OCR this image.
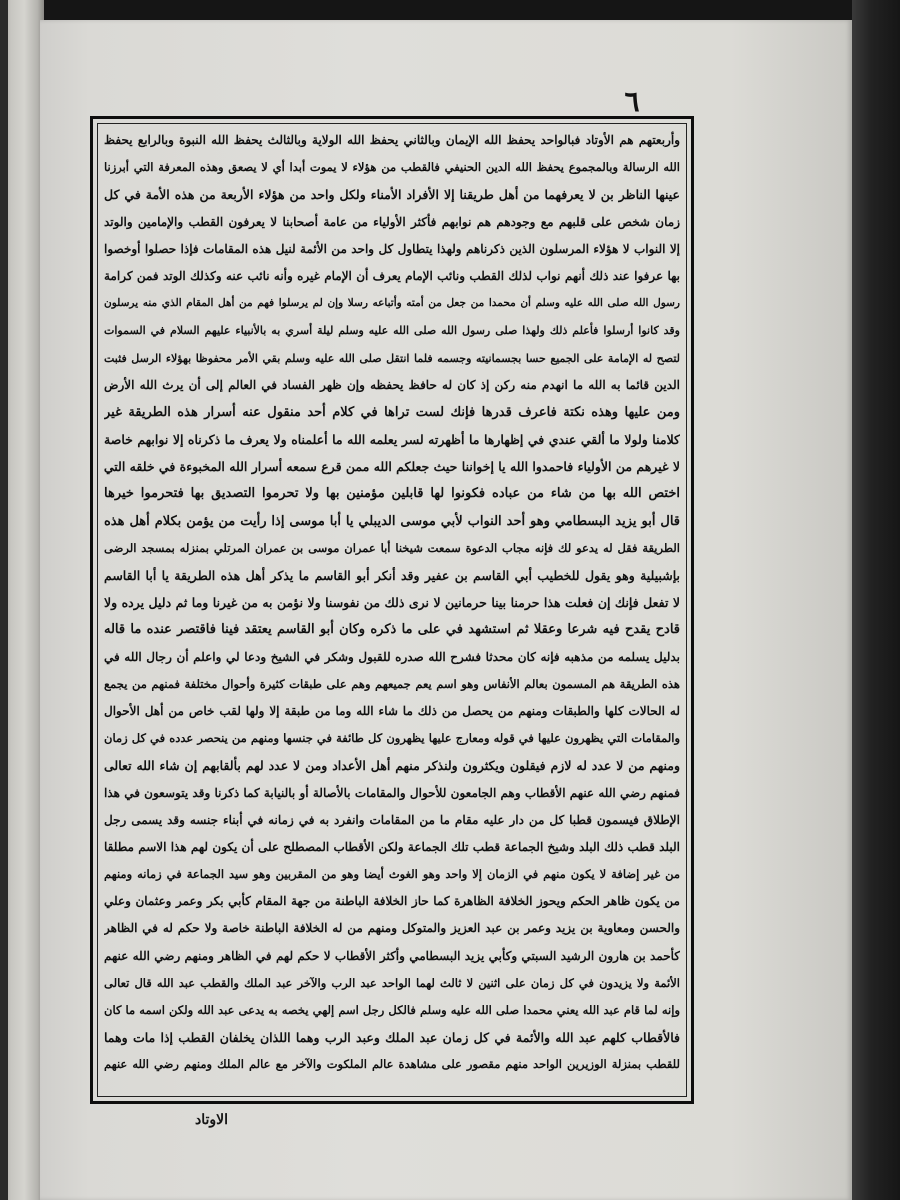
٦
وأربعتهم هم الأوتاد فبالواحد يحفظ الله الإيمان وبالثاني يحفظ الله الولاية وبالثالث يحفظ الله النبوة وبالرابع يحفظ
الله الرسالة وبالمجموع يحفظ الله الدين الحنيفي فالقطب من هؤلاء لا يموت أبدا أي لا يصعق وهذه المعرفة التي أبرزنا
عينها الناظر بن لا يعرفهما من أهل طريقنا إلا الأفراد الأمناء ولكل واحد من هؤلاء الأربعة من هذه الأمة في كل
زمان شخص على قلبهم مع وجودهم هم نوابهم فأكثر الأولياء من عامة أصحابنا لا يعرفون القطب والإمامين والوتد
إلا النواب لا هؤلاء المرسلون الذين ذكرناهم ولهذا يتطاول كل واحد من الأئمة لنيل هذه المقامات فإذا حصلوا أوخصوا
بها عرفوا عند ذلك أنهم نواب لذلك القطب ونائب الإمام يعرف أن الإمام غيره وأنه نائب عنه وكذلك الوتد فمن كرامة
رسول الله صلى الله عليه وسلم أن محمدا من جعل من أمته وأتباعه رسلا وإن لم يرسلوا فهم من أهل المقام الذي منه يرسلون
وقد كانوا أرسلوا فأعلم ذلك ولهذا صلى رسول الله صلى الله عليه وسلم ليلة أسري به بالأنبياء عليهم السلام في السموات
لتصح له الإمامة على الجميع حسا بجسمانيته وجسمه فلما انتقل صلى الله عليه وسلم بقي الأمر محفوظا بهؤلاء الرسل فثبت
الدين قائما به الله ما انهدم منه ركن إذ كان له حافظ يحفظه وإن ظهر الفساد في العالم إلى أن يرث الله الأرض
ومن عليها وهذه نكتة فاعرف قدرها فإنك لست تراها في كلام أحد منقول عنه أسرار هذه الطريقة غير
كلامنا ولولا ما ألقي عندي في إظهارها ما أظهرته لسر يعلمه الله ما أعلمناه ولا يعرف ما ذكرناه إلا نوابهم خاصة
لا غيرهم من الأولياء فاحمدوا الله يا إخواننا حيث جعلكم الله ممن قرع سمعه أسرار الله المخبوءة في خلقه التي
اختص الله بها من شاء من عباده فكونوا لها قابلين مؤمنين بها ولا تحرموا التصديق بها فتحرموا خيرها
قال أبو يزيد البسطامي وهو أحد النواب لأبي موسى الديبلي يا أبا موسى إذا رأيت من يؤمن بكلام أهل هذه
الطريقة فقل له يدعو لك فإنه مجاب الدعوة سمعت شيخنا أبا عمران موسى بن عمران المرتلي بمنزله بمسجد الرضى
بإشبيلية وهو يقول للخطيب أبي القاسم بن عفير وقد أنكر أبو القاسم ما يذكر أهل هذه الطريقة يا أبا القاسم
لا تفعل فإنك إن فعلت هذا حرمنا بينا حرمانين لا نرى ذلك من نفوسنا ولا نؤمن به من غيرنا وما ثم دليل يرده ولا
قادح يقدح فيه شرعا وعقلا ثم استشهد في على ما ذكره وكان أبو القاسم يعتقد فينا فاقتصر عنده ما قاله
بدليل يسلمه من مذهبه فإنه كان محدثا فشرح الله صدره للقبول وشكر في الشيخ ودعا لي واعلم أن رجال الله في
هذه الطريقة هم المسمون بعالم الأنفاس وهو اسم يعم جميعهم وهم على طبقات كثيرة وأحوال مختلفة فمنهم من يجمع
له الحالات كلها والطبقات ومنهم من يحصل من ذلك ما شاء الله وما من طبقة إلا ولها لقب خاص من أهل الأحوال
والمقامات التي يظهرون عليها في قوله ومعارج عليها يظهرون كل طائفة في جنسها ومنهم من ينحصر عدده في كل زمان
ومنهم من لا عدد له لازم فيقلون ويكثرون ولنذكر منهم أهل الأعداد ومن لا عدد لهم بألقابهم إن شاء الله تعالى
فمنهم رضي الله عنهم الأقطاب وهم الجامعون للأحوال والمقامات بالأصالة أو بالنيابة كما ذكرنا وقد يتوسعون في هذا
الإطلاق فيسمون قطبا كل من دار عليه مقام ما من المقامات وانفرد به في زمانه في أبناء جنسه وقد يسمى رجل
البلد قطب ذلك البلد وشيخ الجماعة قطب تلك الجماعة ولكن الأقطاب المصطلح على أن يكون لهم هذا الاسم مطلقا
من غير إضافة لا يكون منهم في الزمان إلا واحد وهو الغوث أيضا وهو من المقربين وهو سيد الجماعة في زمانه ومنهم
من يكون ظاهر الحكم ويحوز الخلافة الظاهرة كما حاز الخلافة الباطنة من جهة المقام كأبي بكر وعمر وعثمان وعلي
والحسن ومعاوية بن يزيد وعمر بن عبد العزيز والمتوكل ومنهم من له الخلافة الباطنة خاصة ولا حكم له في الظاهر
كأحمد بن هارون الرشيد السبتي وكأبي يزيد البسطامي وأكثر الأقطاب لا حكم لهم في الظاهر ومنهم رضي الله عنهم
الأئمة ولا يزيدون في كل زمان على اثنين لا ثالث لهما الواحد عبد الرب والآخر عبد الملك والقطب عبد الله قال تعالى
وإنه لما قام عبد الله يعني محمدا صلى الله عليه وسلم فالكل رجل اسم إلهي يخصه به يدعى عبد الله ولكن اسمه ما كان
فالأقطاب كلهم عبد الله والأئمة في كل زمان عبد الملك وعبد الرب وهما اللذان يخلفان القطب إذا مات وهما
للقطب بمنزلة الوزيرين الواحد منهم مقصور على مشاهدة عالم الملكوت والآخر مع عالم الملك ومنهم رضي الله عنهم
الاوتاد
